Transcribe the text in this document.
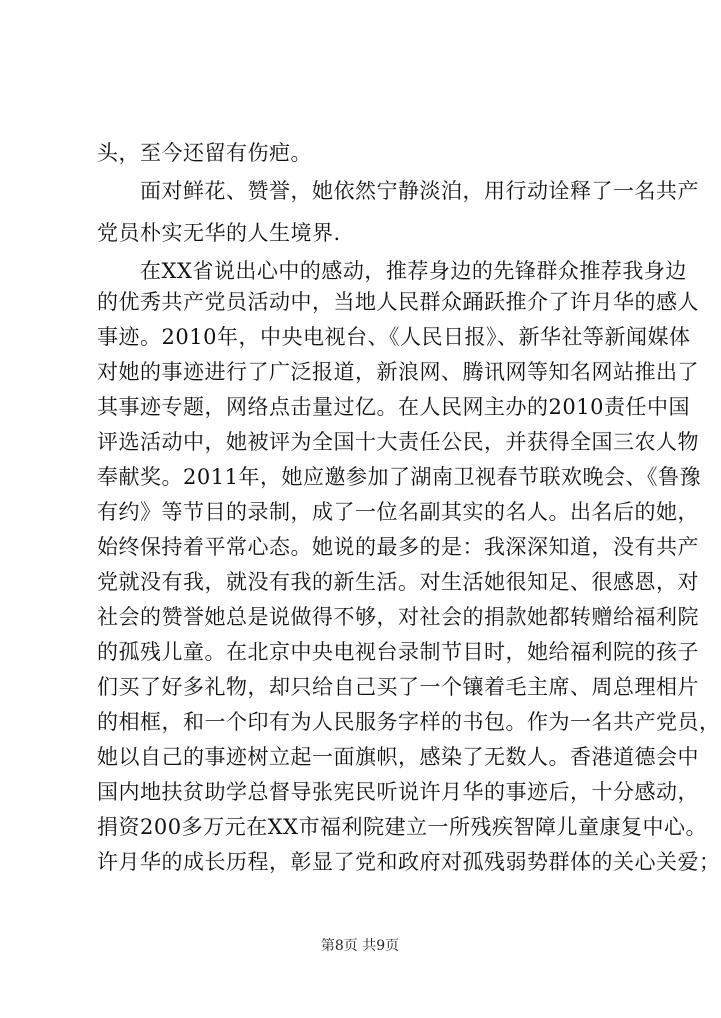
头，至今还留有伤疤。
面对鲜花、赞誉，她依然宁静淡泊，用行动诠释了一名共产
党员朴实无华的人生境界.
在XX省说出心中的感动，推荐身边的先锋群众推荐我身边
的优秀共产党员活动中，当地人民群众踊跃推介了许月华的感人
事迹。2010年，中央电视台、《人民日报》、新华社等新闻媒体
对她的事迹进行了广泛报道，新浪网、腾讯网等知名网站推出了
其事迹专题，网络点击量过亿。在人民网主办的2010责任中国
评选活动中，她被评为全国十大责任公民，并获得全国三农人物
奉献奖。2011年，她应邀参加了湖南卫视春节联欢晚会、《鲁豫
有约》等节目的录制，成了一位名副其实的名人。出名后的她，
始终保持着平常心态。她说的最多的是：我深深知道，没有共产
党就没有我，就没有我的新生活。对生活她很知足、很感恩，对
社会的赞誉她总是说做得不够，对社会的捐款她都转赠给福利院
的孤残儿童。在北京中央电视台录制节目时，她给福利院的孩子
们买了好多礼物，却只给自己买了一个镶着毛主席、周总理相片
的相框，和一个印有为人民服务字样的书包。作为一名共产党员，
她以自己的事迹树立起一面旗帜，感染了无数人。香港道德会中
国内地扶贫助学总督导张宪民听说许月华的事迹后，十分感动，
捐资200多万元在XX市福利院建立一所残疾智障儿童康复中心。
许月华的成长历程，彰显了党和政府对孤残弱势群体的关心关爱；
第8页 共9页
